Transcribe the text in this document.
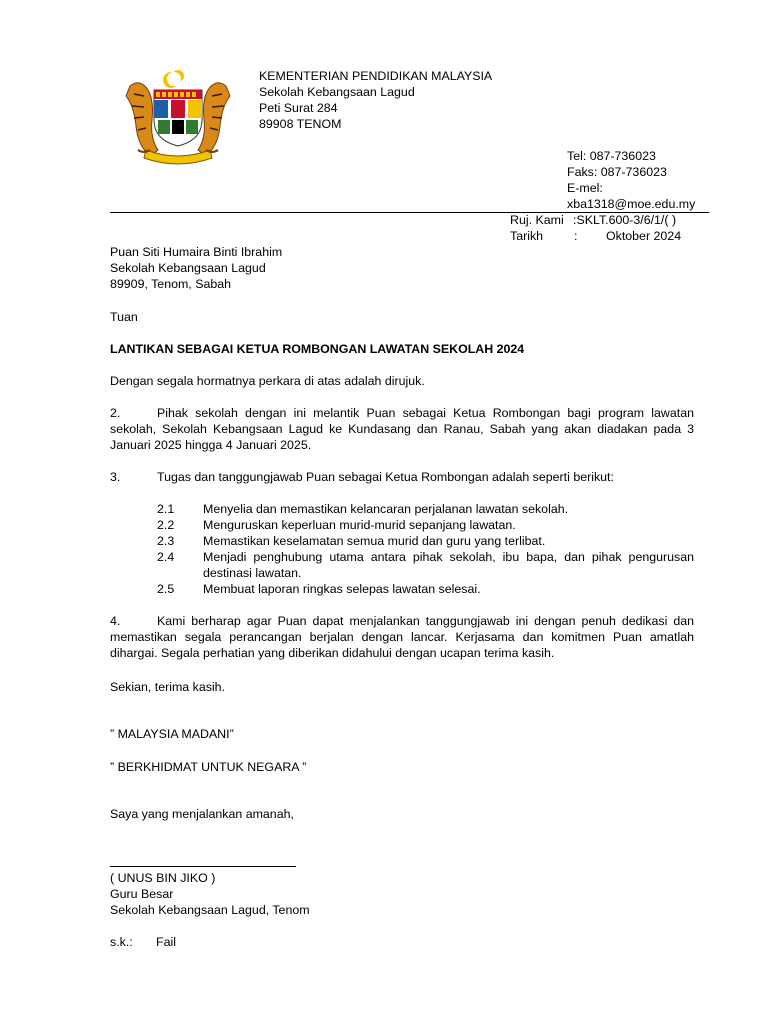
KEMENTERIAN PENDIDIKAN MALAYSIA
Sekolah Kebangsaan Lagud
Peti Surat 284
89908 TENOM
Tel: 087-736023
Faks: 087-736023
E-mel:
xba1318@moe.edu.my
Ruj. Kami :SKLT.600-3/6/1/( )
Tarikh : Oktober 2024
Puan Siti Humaira Binti Ibrahim
Sekolah Kebangsaan Lagud
89909, Tenom, Sabah
Tuan
LANTIKAN SEBAGAI KETUA ROMBONGAN LAWATAN SEKOLAH 2024
Dengan segala hormatnya perkara di atas adalah dirujuk.
2.	Pihak sekolah dengan ini melantik Puan sebagai Ketua Rombongan bagi program lawatan sekolah, Sekolah Kebangsaan Lagud ke Kundasang dan Ranau, Sabah yang akan diadakan pada 3 Januari 2025 hingga 4 Januari 2025.
3.	Tugas dan tanggungjawab Puan sebagai Ketua Rombongan adalah seperti berikut:
2.1	Menyelia dan memastikan kelancaran perjalanan lawatan sekolah.
2.2	Menguruskan keperluan murid-murid sepanjang lawatan.
2.3	Memastikan keselamatan semua murid dan guru yang terlibat.
2.4	Menjadi penghubung utama antara pihak sekolah, ibu bapa, dan pihak pengurusan destinasi lawatan.
2.5	Membuat laporan ringkas selepas lawatan selesai.
4.	Kami berharap agar Puan dapat menjalankan tanggungjawab ini dengan penuh dedikasi dan memastikan segala perancangan berjalan dengan lancar. Kerjasama dan komitmen Puan amatlah dihargai. Segala perhatian yang diberikan didahului dengan ucapan terima kasih.
Sekian, terima kasih.
” MALAYSIA MADANI”
” BERKHIDMAT UNTUK NEGARA ”
Saya yang menjalankan amanah,
( UNUS BIN JIKO )
Guru Besar
Sekolah Kebangsaan Lagud, Tenom
s.k.: Fail
